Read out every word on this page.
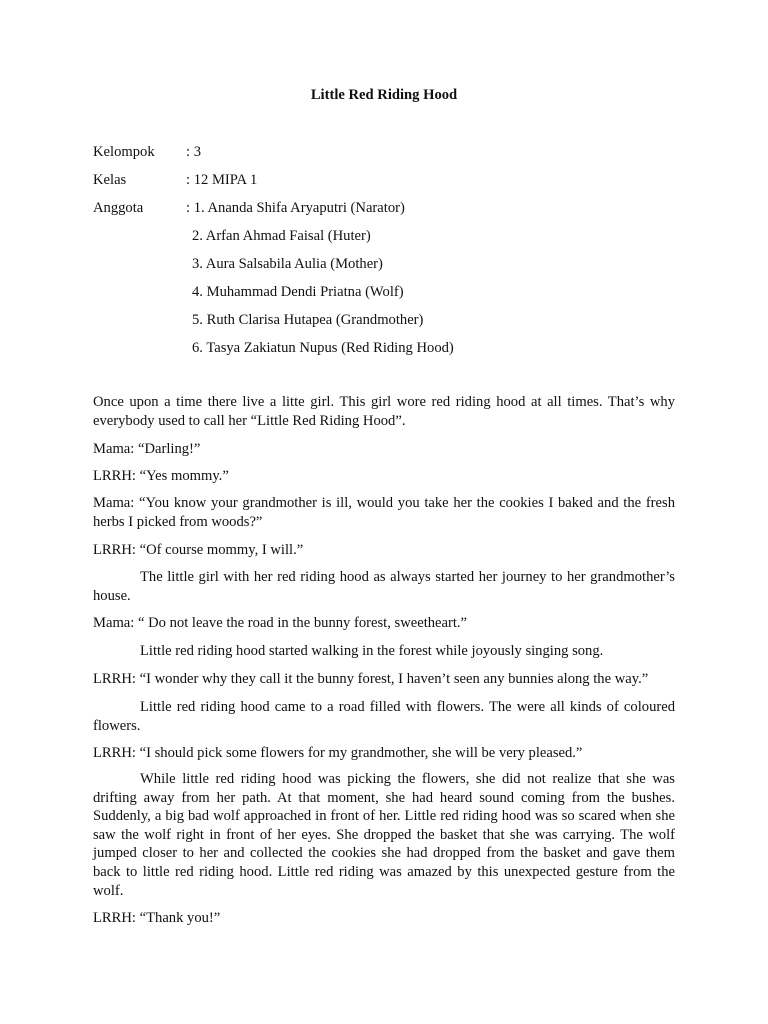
Little Red Riding Hood
Kelompok : 3
Kelas	: 12 MIPA 1
Anggota	: 1. Ananda Shifa Aryaputri (Narator)
2. Arfan Ahmad Faisal (Huter)
3. Aura Salsabila Aulia (Mother)
4. Muhammad Dendi Priatna (Wolf)
5. Ruth Clarisa Hutapea (Grandmother)
6. Tasya Zakiatun Nupus (Red Riding Hood)
Once upon a time there live a litte girl. This girl wore red riding hood at all times. That’s why everybody used to call her “Little Red Riding Hood”.
Mama: “Darling!”
LRRH: “Yes mommy.”
Mama: “You know your grandmother is ill, would you take her the cookies I baked and the fresh herbs I picked from woods?”
LRRH: “Of course mommy, I will.”
The little girl with her red riding hood as always started her journey to her grandmother’s house.
Mama: “ Do not leave the road in the bunny forest, sweetheart.”
Little red riding hood started walking in the forest while joyously singing song.
LRRH: “I wonder why they call it the bunny forest, I haven’t seen any bunnies along the way.”
Little red riding hood came to a road filled with flowers. The were all kinds of coloured flowers.
LRRH: “I should pick some flowers for my grandmother, she will be very pleased.”
While little red riding hood was picking the flowers, she did not realize that she was drifting away from her path. At that moment, she had heard sound coming from the bushes. Suddenly, a big bad wolf approached in front of her. Little red riding hood was so scared when she saw the wolf right in front of her eyes. She dropped the basket that she was carrying. The wolf jumped closer to her and collected the cookies she had dropped from the basket and gave them back to little red riding hood. Little red riding was amazed by this unexpected gesture from the wolf.
LRRH: “Thank you!”
